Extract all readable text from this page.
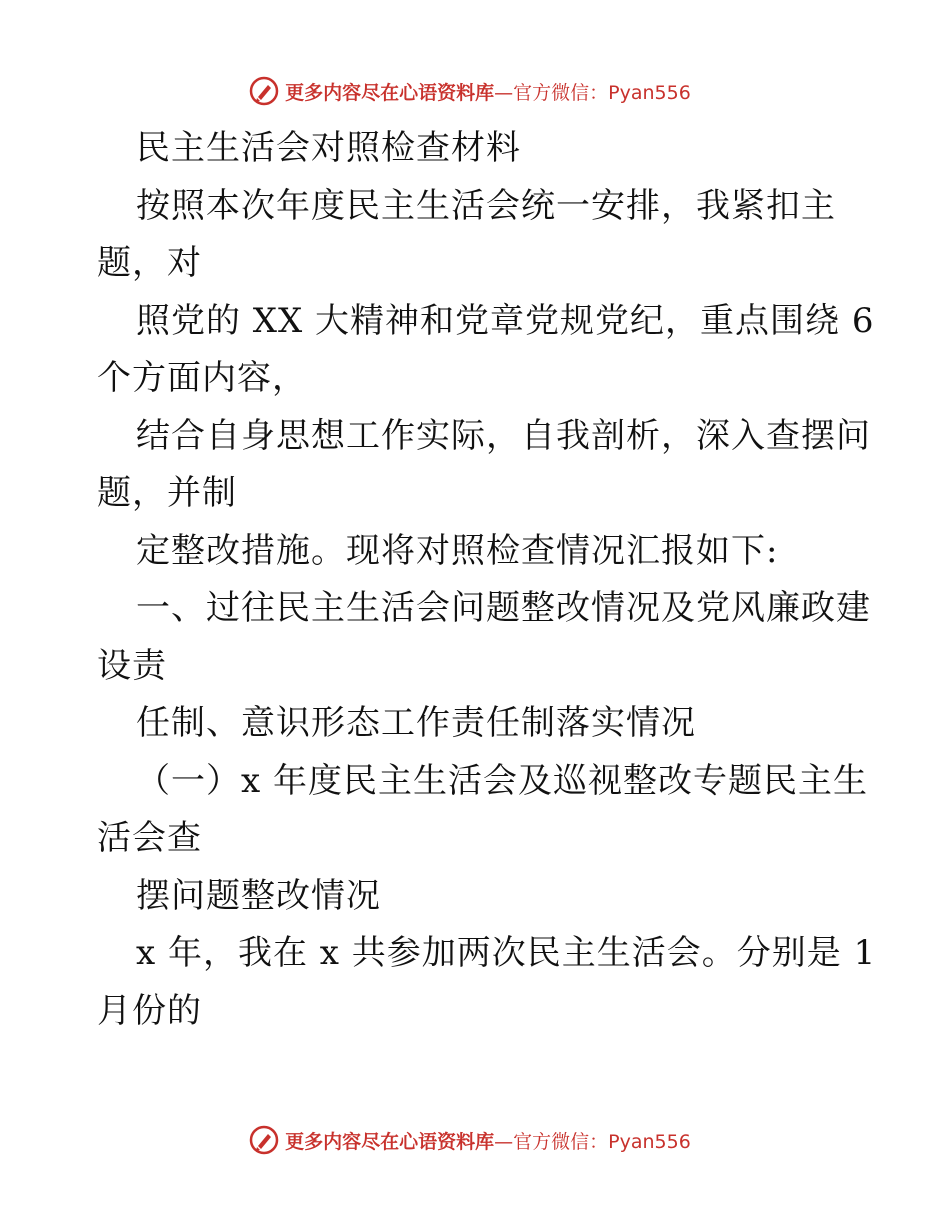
更多内容尽在心语资料库 —官方微信：Pyan556
民主生活会对照检查材料
按照本次年度民主生活会统一安排，我紧扣主
题，对
照党的 XX 大精神和党章党规党纪，重点围绕 6
个方面内容，
结合自身思想工作实际，自我剖析，深入查摆问
题，并制
定整改措施。现将对照检查情况汇报如下:
一、过往民主生活会问题整改情况及党风廉政建
设责
任制、意识形态工作责任制落实情况
（一）x 年度民主生活会及巡视整改专题民主生
活会查
摆问题整改情况
x 年，我在 x 共参加两次民主生活会。分别是 1
月份的
更多内容尽在心语资料库 —官方微信：Pyan556
